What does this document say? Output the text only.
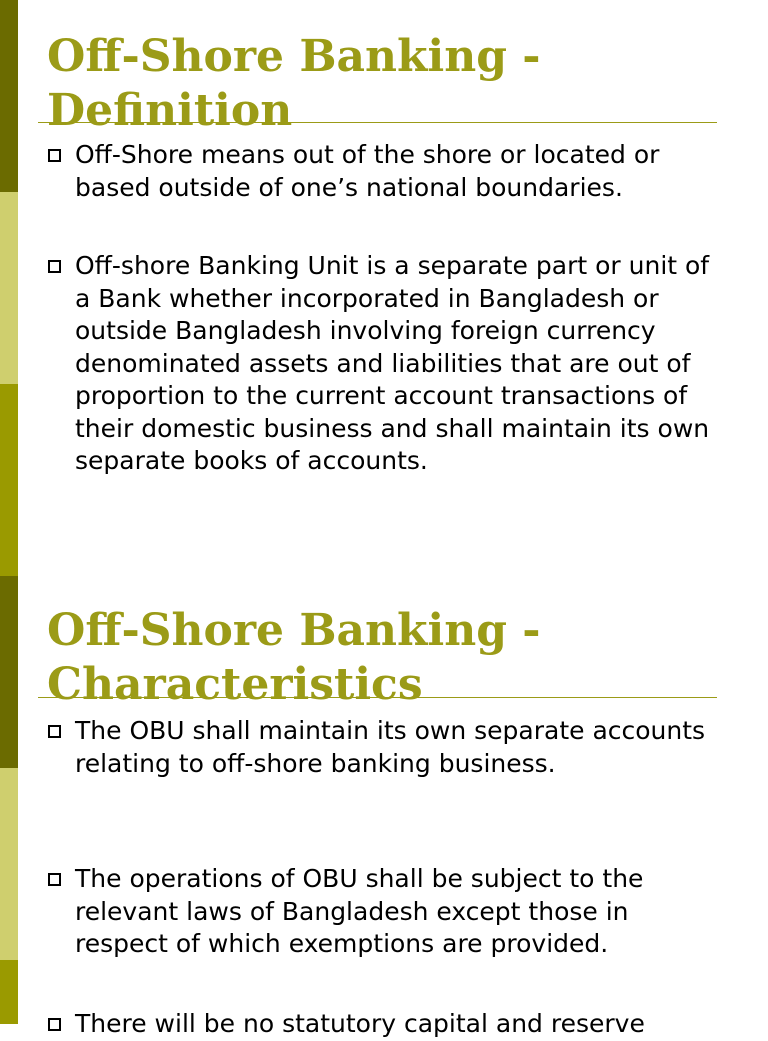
Off-Shore Banking - Definition

Off-Shore means out of the shore or located or based outside of one’s national boundaries.

Off-shore Banking Unit is a separate part or unit of a Bank whether incorporated in Bangladesh or outside Bangladesh involving foreign currency denominated assets and liabilities that are out of proportion to the current account transactions of their domestic business and shall maintain its own separate books of accounts.

Off-Shore Banking - Characteristics

The OBU shall maintain its own separate accounts relating to off-shore banking business.

The operations of OBU shall be subject to the relevant laws of Bangladesh except those in respect of which exemptions are provided.

There will be no statutory capital and reserve
